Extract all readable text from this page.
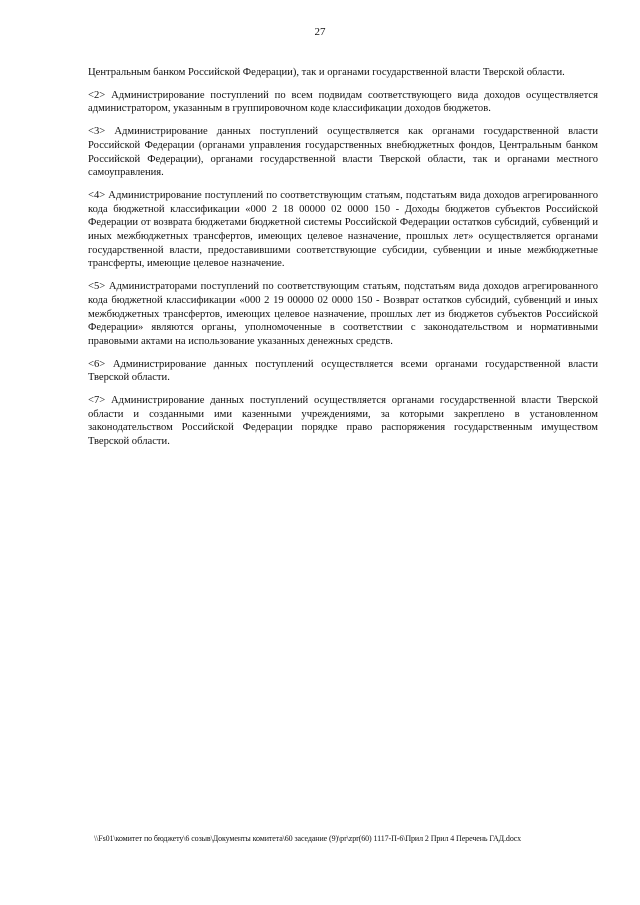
27

Центральным банком Российской Федерации), так и органами государственной власти Тверской области.

<2> Администрирование поступлений по всем подвидам соответствующего вида доходов осуществляется администратором, указанным в группировочном коде классификации доходов бюджетов.

<3> Администрирование данных поступлений осуществляется как органами государственной власти Российской Федерации (органами управления государственных внебюджетных фондов, Центральным банком Российской Федерации), органами государственной власти Тверской области, так и органами местного самоуправления.

<4> Администрирование поступлений по соответствующим статьям, подстатьям вида доходов агрегированного кода бюджетной классификации «000 2 18 00000 02 0000 150 - Доходы бюджетов субъектов Российской Федерации от возврата бюджетами бюджетной системы Российской Федерации остатков субсидий, субвенций и иных межбюджетных трансфертов, имеющих целевое назначение, прошлых лет» осуществляется органами государственной власти, предоставившими соответствующие субсидии, субвенции и иные межбюджетные трансферты, имеющие целевое назначение.

<5> Администраторами поступлений по соответствующим статьям, подстатьям вида доходов агрегированного кода бюджетной классификации «000 2 19 00000 02 0000 150 - Возврат остатков субсидий, субвенций и иных межбюджетных трансфертов, имеющих целевое назначение, прошлых лет из бюджетов субъектов Российской Федерации» являются органы, уполномоченные в соответствии с законодательством и нормативными правовыми актами на использование указанных денежных средств.

<6> Администрирование данных поступлений осуществляется всеми органами государственной власти Тверской области.

<7> Администрирование данных поступлений осуществляется органами государственной власти Тверской области и созданными ими казенными учреждениями, за которыми закреплено в установленном законодательством Российской Федерации порядке право распоряжения государственным имуществом Тверской области.

\\Fs01\комитет по бюджету\6 созыв\Документы комитета\60 заседание (9)\pr\zpr(60) 1117-П-6\Прил 2 Прил 4 Перечень ГАД.docx
